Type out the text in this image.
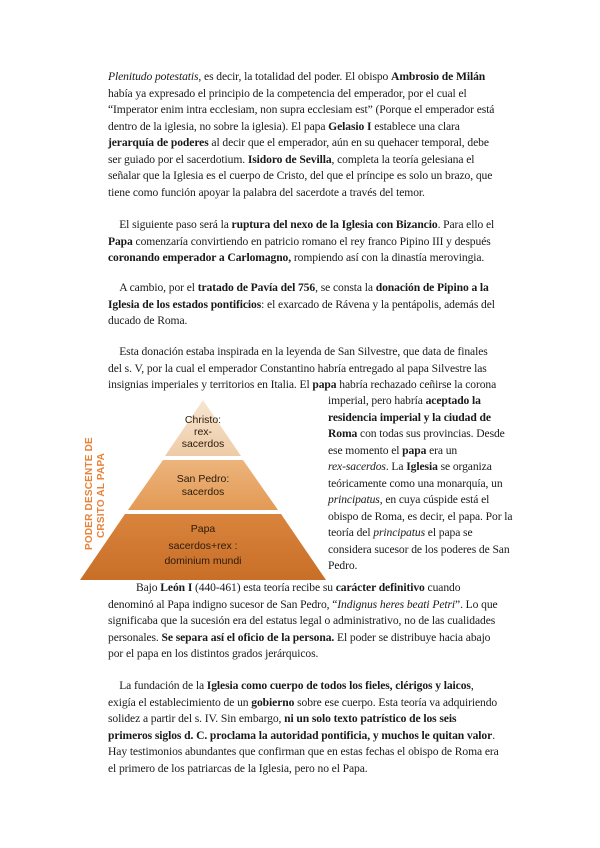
Plenitudo potestatis, es decir, la totalidad del poder. El obispo Ambrosio de Milán
había ya expresado el principio de la competencia del emperador, por el cual el
“Imperator enim intra ecclesiam, non supra ecclesiam est” (Porque el emperador está
dentro de la iglesia, no sobre la iglesia). El papa Gelasio I establece una clara
jerarquía de poderes al decir que el emperador, aún en su quehacer temporal, debe
ser guiado por el sacerdotium. Isidoro de Sevilla, completa la teoría gelesiana el
señalar que la Iglesia es el cuerpo de Cristo, del que el príncipe es solo un brazo, que
tiene como función apoyar la palabra del sacerdote a través del temor.
El siguiente paso será la ruptura del nexo de la Iglesia con Bizancio. Para ello el
Papa comenzaría convirtiendo en patricio romano el rey franco Pipino III y después
coronando emperador a Carlomagno, rompiendo así con la dinastía merovingia.
A cambio, por el tratado de Pavía del 756, se consta la donación de Pipino a la
Iglesia de los estados pontificios: el exarcado de Rávena y la pentápolis, además del
ducado de Roma.
Esta donación estaba inspirada en la leyenda de San Silvestre, que data de finales
del s. V, por la cual el emperador Constantino habría entregado al papa Silvestre las
insignias imperiales y territorios en Italia. El papa habría rechazado ceñirse la corona
imperial, pero habría aceptado la
residencia imperial y la ciudad de
Roma con todas sus provincias. Desde
ese momento el papa era un
rex-sacerdos. La Iglesia se organiza
teóricamente como una monarquía, un
principatus, en cuya cúspide está el
obispo de Roma, es decir, el papa. Por la
teoría del principatus el papa se
considera sucesor de los poderes de San
Pedro.
PODER DESCENTE DE CRSITO AL PAPA
Christo:
rex-
sacerdos
San Pedro:
sacerdos
Papa
sacerdos+rex :
dominium mundi
Bajo León I (440-461) esta teoría recibe su carácter definitivo cuando
denominó al Papa indigno sucesor de San Pedro, “Indignus heres beati Petri”. Lo que
significaba que la sucesión era del estatus legal o administrativo, no de las cualidades
personales. Se separa así el oficio de la persona. El poder se distribuye hacia abajo
por el papa en los distintos grados jerárquicos.
La fundación de la Iglesia como cuerpo de todos los fieles, clérigos y laicos,
exigía el establecimiento de un gobierno sobre ese cuerpo. Esta teoría va adquiriendo
solidez a partir del s. IV. Sin embargo, ni un solo texto patrístico de los seis
primeros siglos d. C. proclama la autoridad pontificia, y muchos le quitan valor.
Hay testimonios abundantes que confirman que en estas fechas el obispo de Roma era
el primero de los patriarcas de la Iglesia, pero no el Papa.
